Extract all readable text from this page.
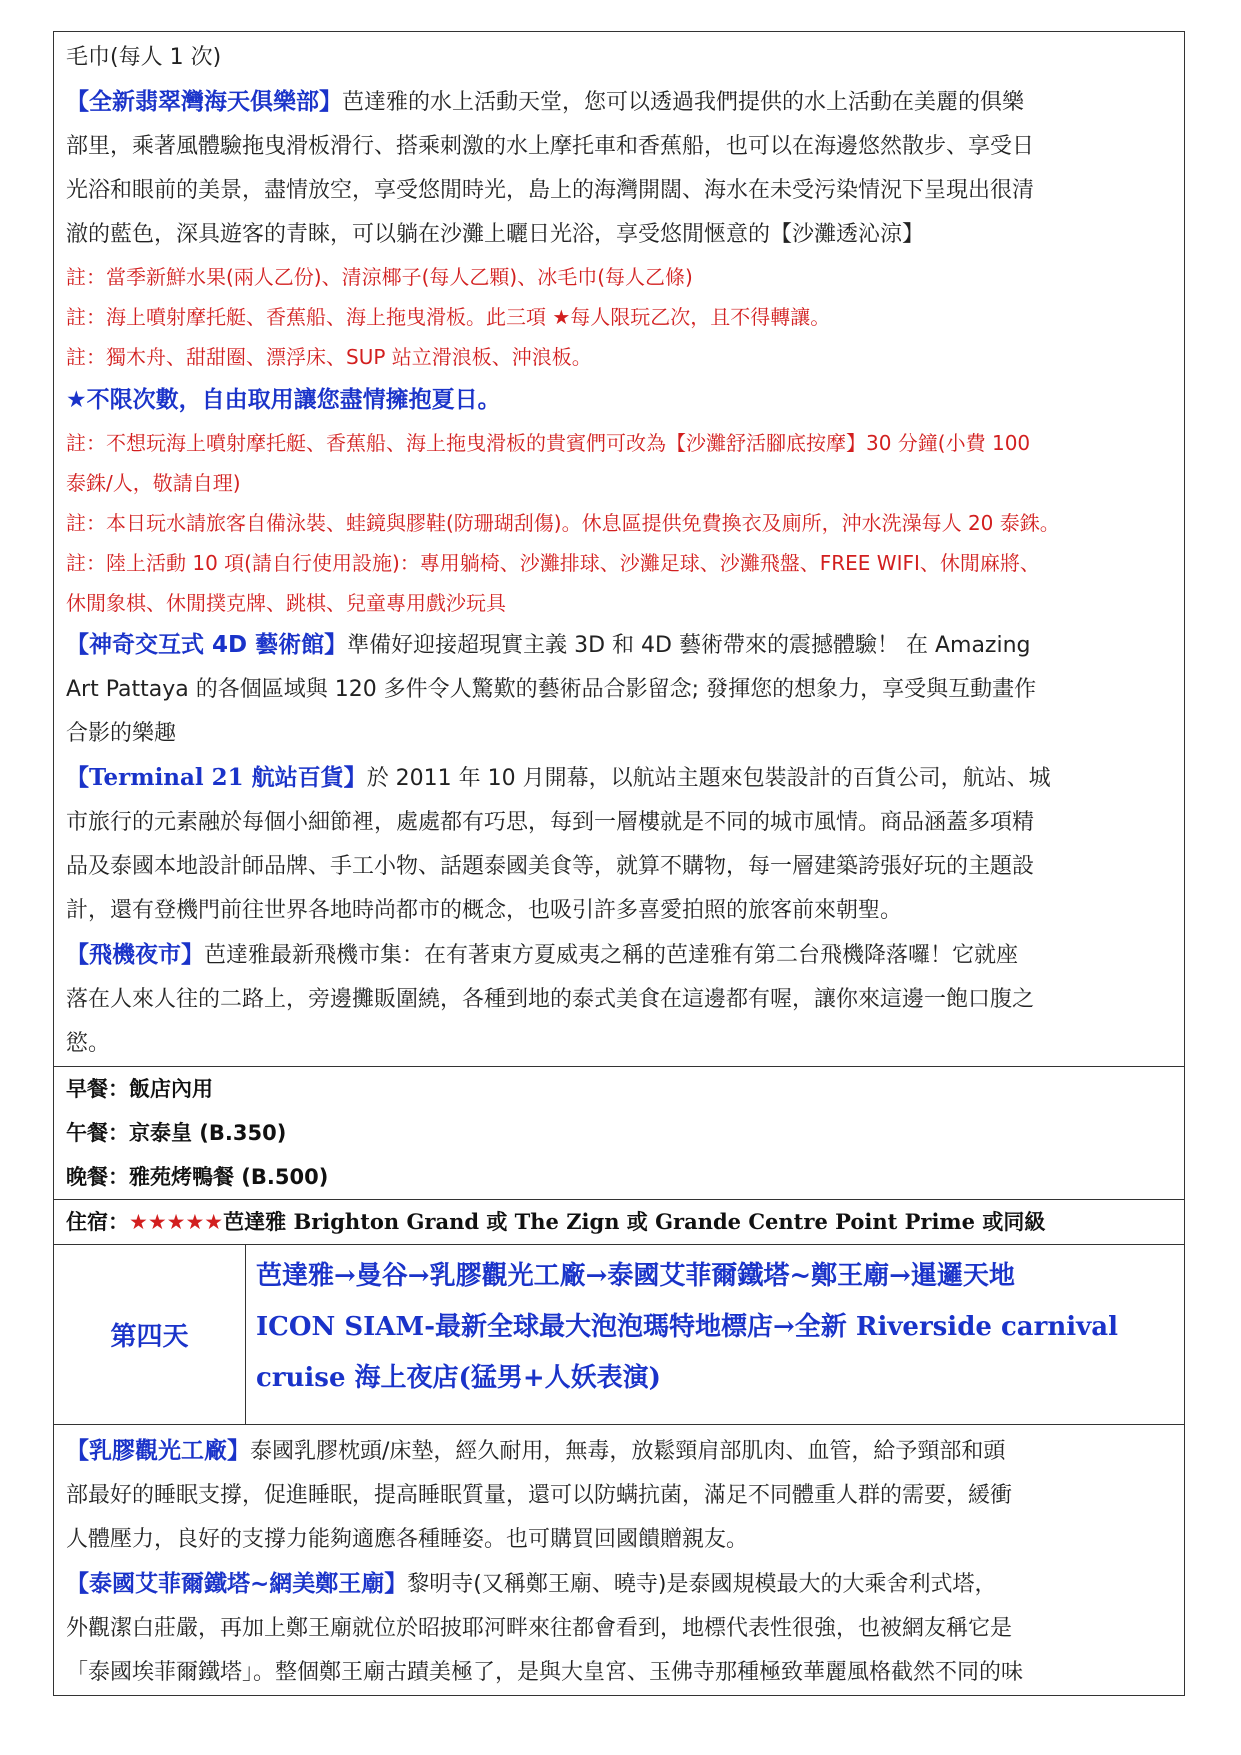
毛巾(每人 1 次)

【全新翡翠灣海天俱樂部】芭達雅的水上活動天堂，您可以透過我們提供的水上活動在美麗的俱樂
部里，乘著風體驗拖曳滑板滑行、搭乘刺激的水上摩托車和香蕉船，也可以在海邊悠然散步、享受日
光浴和眼前的美景，盡情放空，享受悠閒時光，島上的海灣開闊、海水在未受污染情況下呈現出很清
澈的藍色，深具遊客的青睞，可以躺在沙灘上曬日光浴，享受悠閒愜意的【沙灘透沁涼】

註：當季新鮮水果(兩人乙份)、清涼椰子(每人乙顆)、冰毛巾(每人乙條)

註：海上噴射摩托艇、香蕉船、海上拖曳滑板。此三項 ★每人限玩乙次，且不得轉讓。

註：獨木舟、甜甜圈、漂浮床、SUP 站立滑浪板、沖浪板。

★不限次數，自由取用讓您盡情擁抱夏日。

註：不想玩海上噴射摩托艇、香蕉船、海上拖曳滑板的貴賓們可改為【沙灘舒活腳底按摩】30 分鐘(小費 100

泰銖/人，敬請自理)

註：本日玩水請旅客自備泳裝、蛙鏡與膠鞋(防珊瑚刮傷)。休息區提供免費換衣及廁所，沖水洗澡每人 20 泰銖。

註：陸上活動 10 項(請自行使用設施)：專用躺椅、沙灘排球、沙灘足球、沙灘飛盤、FREE WIFI、休閒麻將、

休閒象棋、休閒撲克牌、跳棋、兒童專用戲沙玩具

【神奇交互式 4D 藝術館】準備好迎接超現實主義 3D 和 4D 藝術帶來的震撼體驗！ 在 Amazing
Art Pattaya 的各個區域與 120 多件令人驚歎的藝術品合影留念; 發揮您的想象力，享受與互動畫作
合影的樂趣

【Terminal 21 航站百貨】於 2011 年 10 月開幕，以航站主題來包裝設計的百貨公司，航站、城
市旅行的元素融於每個小細節裡，處處都有巧思，每到一層樓就是不同的城市風情。商品涵蓋多項精
品及泰國本地設計師品牌、手工小物、話題泰國美食等，就算不購物，每一層建築誇張好玩的主題設
計，還有登機門前往世界各地時尚都市的概念，也吸引許多喜愛拍照的旅客前來朝聖。

【飛機夜市】芭達雅最新飛機市集：在有著東方夏威夷之稱的芭達雅有第二台飛機降落囉！它就座
落在人來人往的二路上，旁邊攤販圍繞，各種到地的泰式美食在這邊都有喔，讓你來這邊一飽口腹之
慾。

早餐：飯店內用

午餐：京泰皇 (B.350)

晚餐：雅苑烤鴨餐 (B.500)

住宿：★★★★★芭達雅 Brighton Grand 或 The Zign 或 Grande Centre Point Prime 或同級

第四天
芭達雅→曼谷→乳膠觀光工廠→泰國艾菲爾鐵塔~鄭王廟→暹邏天地
ICON SIAM-最新全球最大泡泡瑪特地標店→全新 Riverside carnival
cruise 海上夜店(猛男+人妖表演)

【乳膠觀光工廠】泰國乳膠枕頭/床墊，經久耐用，無毒，放鬆頸肩部肌肉、血管，給予頸部和頭
部最好的睡眠支撐，促進睡眠，提高睡眠質量，還可以防螨抗菌，滿足不同體重人群的需要，緩衝
人體壓力，良好的支撐力能夠適應各種睡姿。也可購買回國饋贈親友。

【泰國艾菲爾鐵塔~網美鄭王廟】黎明寺(又稱鄭王廟、曉寺)是泰國規模最大的大乘舍利式塔，
外觀潔白莊嚴，再加上鄭王廟就位於昭披耶河畔來往都會看到，地標代表性很強，也被網友稱它是
「泰國埃菲爾鐵塔」。整個鄭王廟古蹟美極了，是與大皇宮、玉佛寺那種極致華麗風格截然不同的味
